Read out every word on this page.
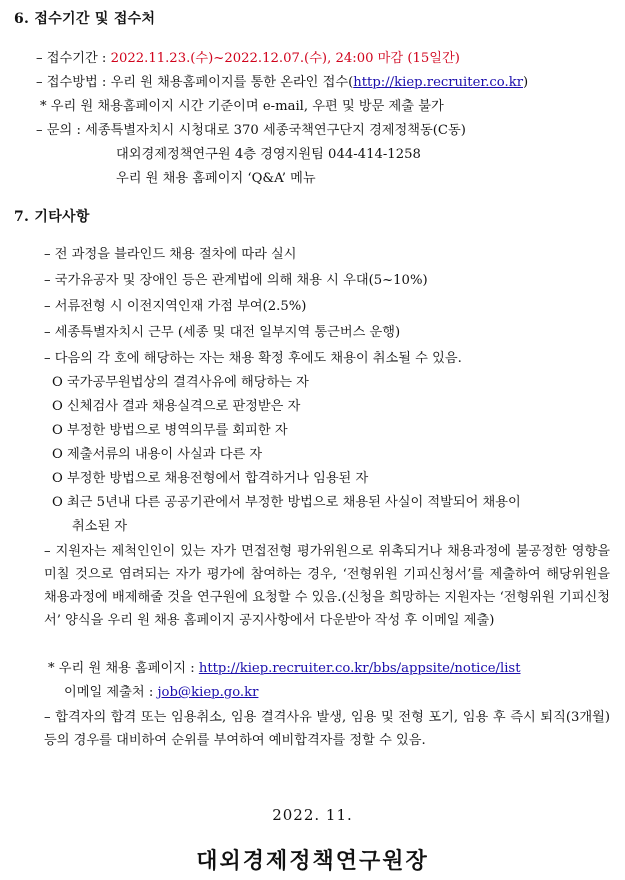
6. 접수기간 및 접수처
– 접수기간 : 2022.11.23.(수)~2022.12.07.(수), 24:00 마감 (15일간)
– 접수방법 : 우리 원 채용홈페이지를 통한 온라인 접수(http://kiep.recruiter.co.kr)
* 우리 원 채용홈페이지 시간 기준이며 e-mail, 우편 및 방문 제출 불가
– 문의 : 세종특별자치시 시청대로 370 세종국책연구단지 경제정책동(C동)
대외경제정책연구원 4층 경영지원팀 044-414-1258
우리 원 채용 홈페이지 ‘Q&A’ 메뉴
7. 기타사항
– 전 과정을 블라인드 채용 절차에 따라 실시
– 국가유공자 및 장애인 등은 관계법에 의해 채용 시 우대(5~10%)
– 서류전형 시 이전지역인재 가점 부여(2.5%)
– 세종특별자치시 근무 (세종 및 대전 일부지역 통근버스 운행)
– 다음의 각 호에 해당하는 자는 채용 확정 후에도 채용이 취소될 수 있음.
O 국가공무원법상의 결격사유에 해당하는 자
O 신체검사 결과 채용실격으로 판정받은 자
O 부정한 방법으로 병역의무를 회피한 자
O 제출서류의 내용이 사실과 다른 자
O 부정한 방법으로 채용전형에서 합격하거나 임용된 자
O 최근 5년내 다른 공공기관에서 부정한 방법으로 채용된 사실이 적발되어 채용이
취소된 자
– 지원자는 제척인인이 있는 자가 면접전형 평가위원으로 위촉되거나 채용과정에 불공정한 영향을 미칠 것으로 염려되는 자가 평가에 참여하는 경우, ‘전형위원 기피신청서’를 제출하여 해당위원을 채용과정에 배제해줄 것을 연구원에 요청할 수 있음.(신청을 희망하는 지원자는 ‘전형위원 기피신청서’ 양식을 우리 원 채용 홈페이지 공지사항에서 다운받아 작성 후 이메일 제출)
* 우리 원 채용 홈페이지 : http://kiep.recruiter.co.kr/bbs/appsite/notice/list
이메일 제출처 : job@kiep.go.kr
– 합격자의 합격 또는 임용취소, 임용 결격사유 발생, 임용 및 전형 포기, 임용 후 즉시 퇴직(3개월) 등의 경우를 대비하여 순위를 부여하여 예비합격자를 정할 수 있음.
2022. 11.
대외경제정책연구원장
